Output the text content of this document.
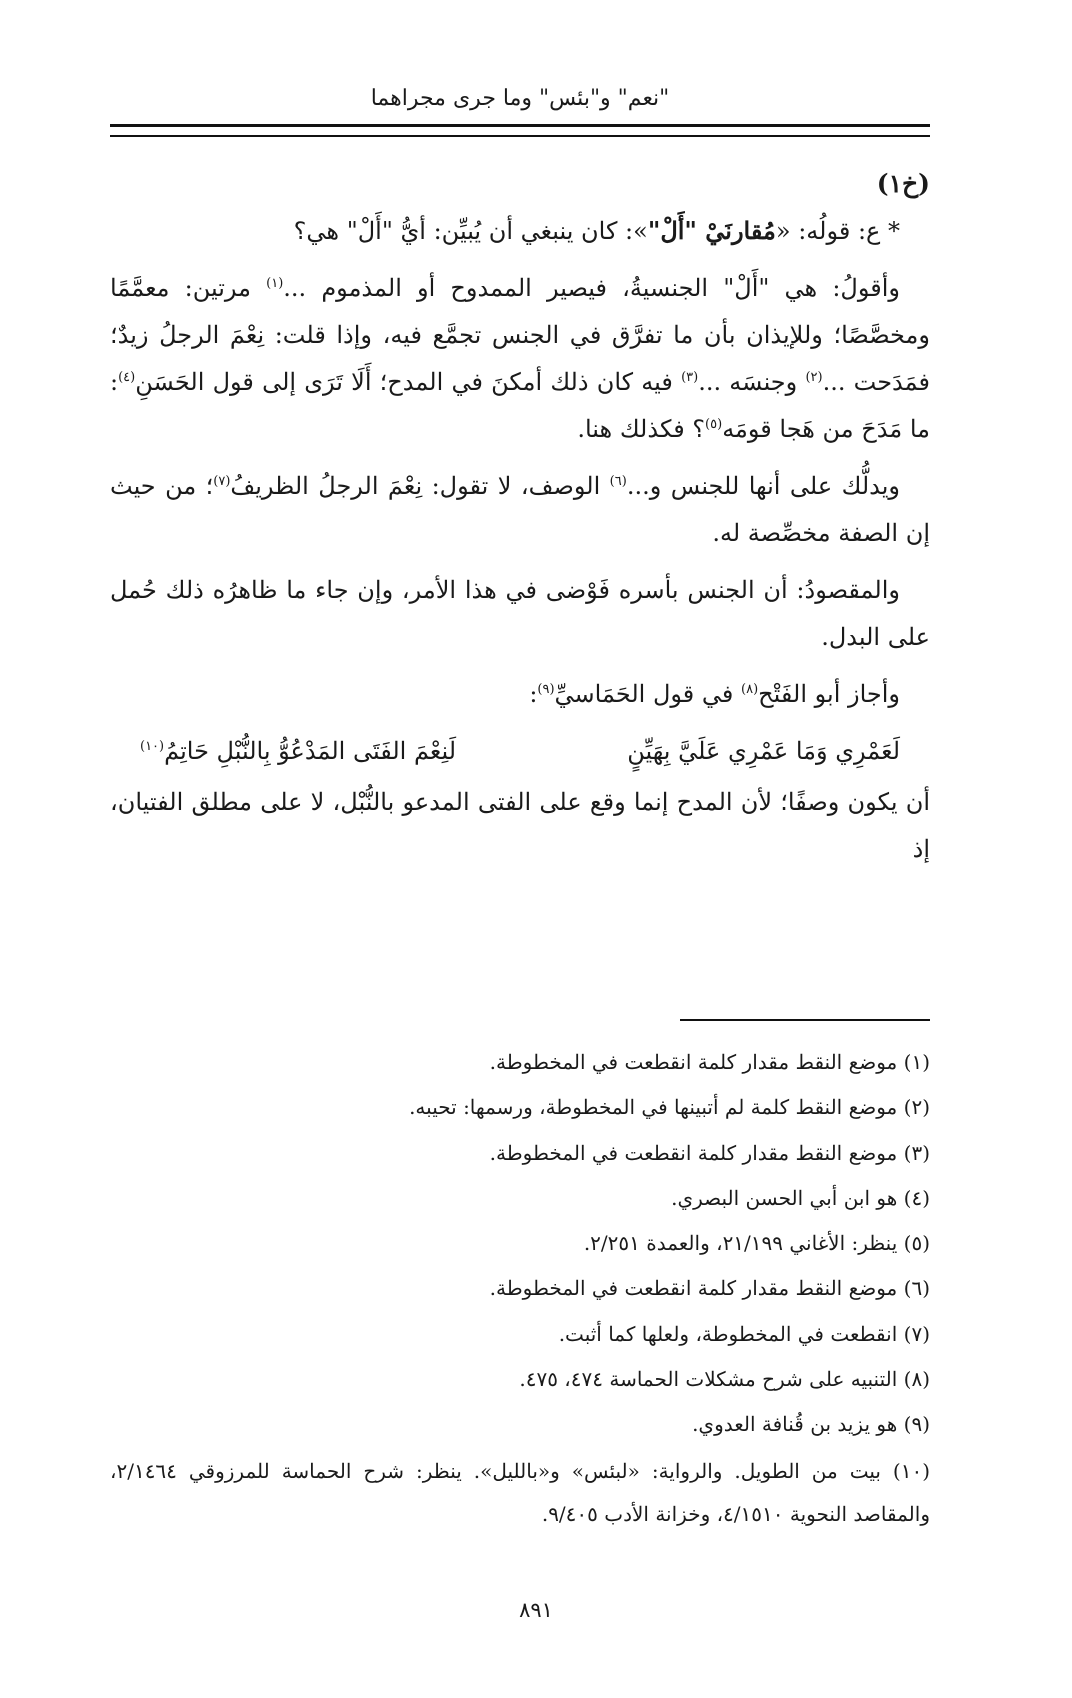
"نعم" و"بئس" وما جرى مجراهما

(خ١)

* ع: قولُه: «مُقارنَيْ "أَلْ"»: كان ينبغي أن يُبيِّن: أيُّ "أَلْ" هي؟

وأقولُ: هي "أَلْ" الجنسيةُ، فيصير الممدوح أو المذموم ...$^{(١)}$ مرتين: معمَّمًا ومخصَّصًا؛ وللإيذان بأن ما تفرَّق في الجنس تجمَّع فيه، وإذا قلت: نِعْمَ الرجلُ زيدٌ؛ فمَدَحت ...$^{(٢)}$ وجنسَه ...$^{(٣)}$ فيه كان ذلك أمكنَ في المدح؛ أَلَا تَرَى إلى قول الحَسَنِ$^{(٤)}$: ما مَدَحَ من هَجا قومَه$^{(٥)}$؟ فكذلك هنا.

ويدلُّك على أنها للجنس و...$^{(٦)}$ الوصف، لا تقول: نِعْمَ الرجلُ الظريفُ$^{(٧)}$؛ من حيث إن الصفة مخصِّصة له.

والمقصودُ: أن الجنس بأسره فَوْضى في هذا الأمر، وإن جاء ما ظاهرُه ذلك حُمل على البدل.

وأجاز أبو الفَتْح$^{(٨)}$ في قول الحَمَاسيِّ$^{(٩)}$:

لَعَمْرِي وَمَا عَمْرِي عَلَيَّ بِهَيِّنٍ
لَنِعْمَ الفَتَى المَدْعُوُّ بِالنُّبْلِ حَاتِمُ$^{(١٠)}$

أن يكون وصفًا؛ لأن المدح إنما وقع على الفتى المدعو بالنُّبْل، لا على مطلق الفتيان، إذ

(١) موضع النقط مقدار كلمة انقطعت في المخطوطة.

(٢) موضع النقط كلمة لم أتبينها في المخطوطة، ورسمها: تحيبه.

(٣) موضع النقط مقدار كلمة انقطعت في المخطوطة.

(٤) هو ابن أبي الحسن البصري.

(٥) ينظر: الأغاني ٢١/١٩٩، والعمدة ٢/٢٥١.

(٦) موضع النقط مقدار كلمة انقطعت في المخطوطة.

(٧) انقطعت في المخطوطة، ولعلها كما أثبت.

(٨) التنبيه على شرح مشكلات الحماسة ٤٧٤، ٤٧٥.

(٩) هو يزيد بن قُنافة العدوي.

(١٠) بيت من الطويل. والرواية: «لبئس» و«بالليل». ينظر: شرح الحماسة للمرزوقي ٢/١٤٦٤، والمقاصد النحوية ٤/١٥١٠، وخزانة الأدب ٩/٤٠٥.

٨٩١
